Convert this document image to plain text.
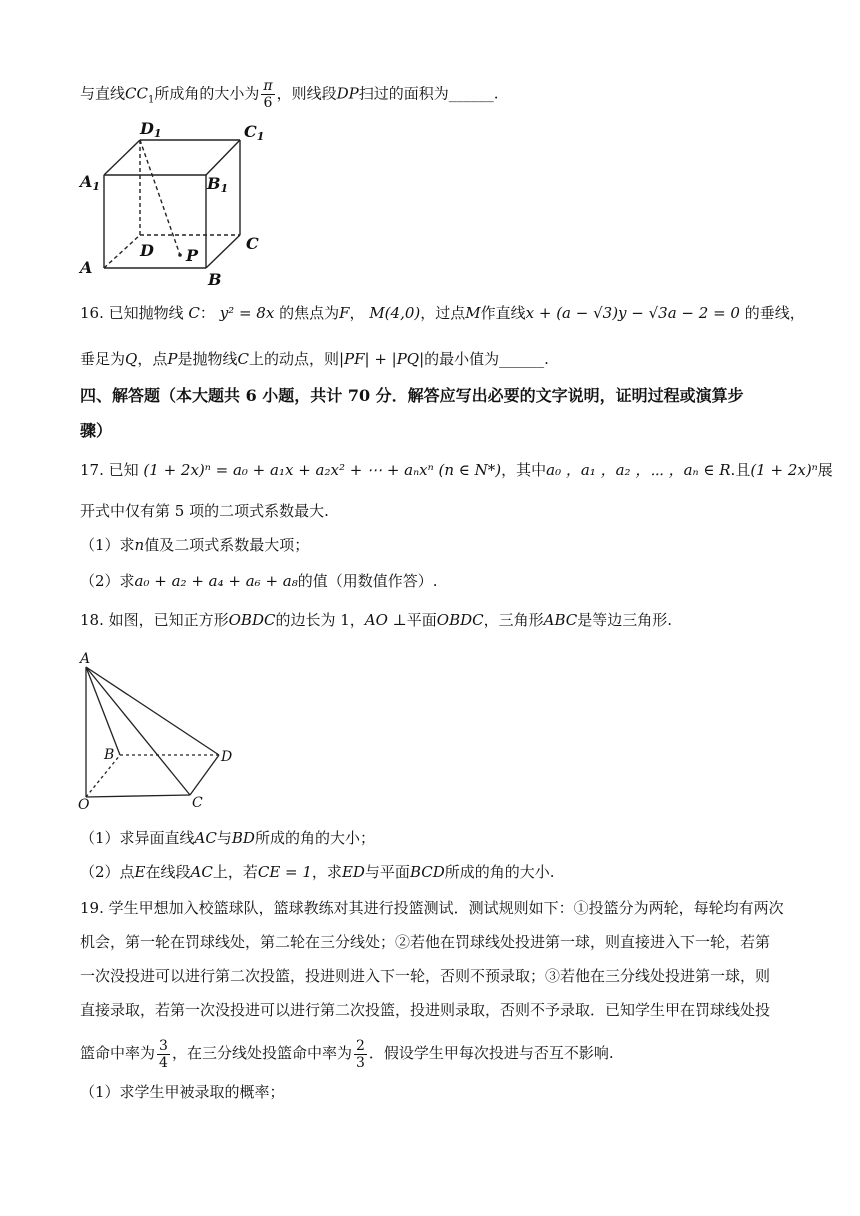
与直线$CC_1$所成角的大小为 $\frac{\pi}{6}$ ，则线段DP扫过的面积为______.
D1	C1
A1	B1
D P
C
A
B
16. 已知抛物线 C： y² = 8x 的焦点为F， M(4,0)，过点M作直线x + (a − √3)y − √3a − 2 = 0 的垂线，
垂足为Q，点P是抛物线C上的动点，则|PF| + |PQ|的最小值为______.
四、解答题（本大题共 6 小题，共计 70 分．解答应写出必要的文字说明，证明过程或演算步
骤）
17. 已知 (1 + 2x)ⁿ = a₀ + a₁x + a₂x² + ⋯ + aₙxⁿ (n ∈ N*)，其中a₀ ，a₁ ，a₂ ，⋯ ，aₙ ∈ R.且(1 + 2x)ⁿ展
开式中仅有第 5 项的二项式系数最大.
（1）求n值及二项式系数最大项；
（2）求a₀ + a₂ + a₄ + a₆ + a₈的值（用数值作答）.
18. 如图，已知正方形OBDC的边长为 1，AO ⊥平面OBDC，三角形ABC是等边三角形.
A
B	D
O	C
（1）求异面直线AC与BD所成的角的大小；
（2）点E在线段AC上，若CE = 1，求ED与平面BCD所成的角的大小.
19. 学生甲想加入校篮球队，篮球教练对其进行投篮测试．测试规则如下：①投篮分为两轮，每轮均有两次
机会，第一轮在罚球线处，第二轮在三分线处；②若他在罚球线处投进第一球，则直接进入下一轮，若第
一次没投进可以进行第二次投篮，投进则进入下一轮，否则不预录取；③若他在三分线处投进第一球，则
直接录取，若第一次没投进可以进行第二次投篮，投进则录取，否则不予录取．已知学生甲在罚球线处投
篮命中率为 $\frac{3}{4}$ ，在三分线处投篮命中率为 $\frac{2}{3}$ ．假设学生甲每次投进与否互不影响.
（1）求学生甲被录取的概率；
